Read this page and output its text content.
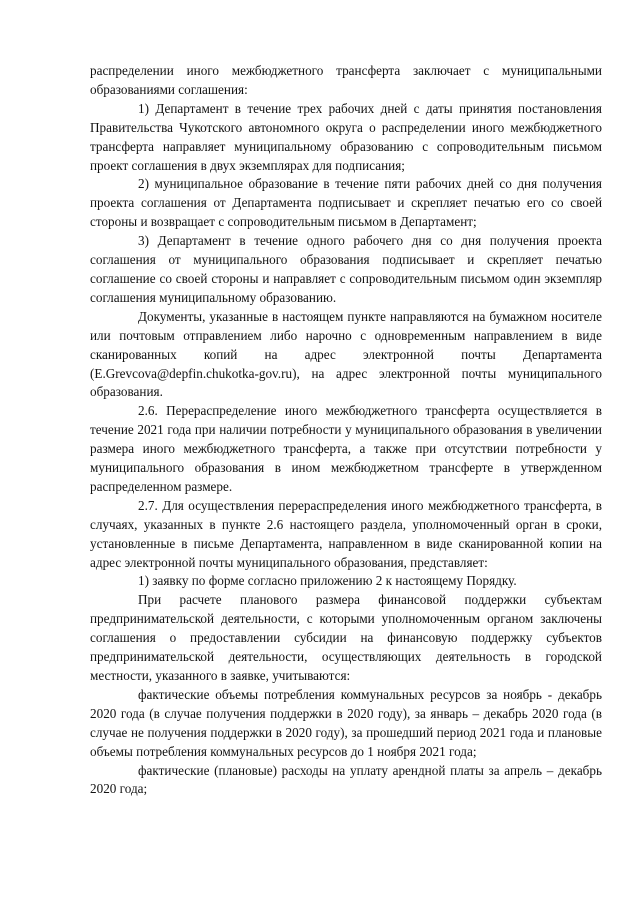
распределении иного межбюджетного трансферта заключает с муниципальными образованиями соглашения:

1) Департамент в течение трех рабочих дней с даты принятия постановления Правительства Чукотского автономного округа о распределении иного межбюджетного трансферта направляет муниципальному образованию с сопроводительным письмом проект соглашения в двух экземплярах для подписания;

2) муниципальное образование в течение пяти рабочих дней со дня получения проекта соглашения от Департамента подписывает и скрепляет печатью его со своей стороны и возвращает с сопроводительным письмом в Департамент;

3) Департамент в течение одного рабочего дня со дня получения проекта соглашения от муниципального образования подписывает и скрепляет печатью соглашение со своей стороны и направляет с сопроводительным письмом один экземпляр соглашения муниципальному образованию.

Документы, указанные в настоящем пункте направляются на бумажном носителе или почтовым отправлением либо нарочно с одновременным направлением в виде сканированных копий на адрес электронной почты Департамента (E.Grevcova@depfin.chukotka-gov.ru), на адрес электронной почты муниципального образования.

2.6. Перераспределение иного межбюджетного трансферта осуществляется в течение 2021 года при наличии потребности у муниципального образования в увеличении размера иного межбюджетного трансферта, а также при отсутствии потребности у муниципального образования в ином межбюджетном трансферте в утвержденном распределенном размере.

2.7. Для осуществления перераспределения иного межбюджетного трансферта, в случаях, указанных в пункте 2.6 настоящего раздела, уполномоченный орган в сроки, установленные в письме Департамента, направленном в виде сканированной копии на адрес электронной почты муниципального образования, представляет:

1) заявку по форме согласно приложению 2 к настоящему Порядку.

При расчете планового размера финансовой поддержки субъектам предпринимательской деятельности, с которыми уполномоченным органом заключены соглашения о предоставлении субсидии на финансовую поддержку субъектов предпринимательской деятельности, осуществляющих деятельность в городской местности, указанного в заявке, учитываются:

фактические объемы потребления коммунальных ресурсов за ноябрь - декабрь 2020 года (в случае получения поддержки в 2020 году), за январь – декабрь 2020 года (в случае не получения поддержки в 2020 году), за прошедший период 2021 года и плановые объемы потребления коммунальных ресурсов до 1 ноября 2021 года;

фактические (плановые) расходы на уплату арендной платы за апрель – декабрь 2020 года;
